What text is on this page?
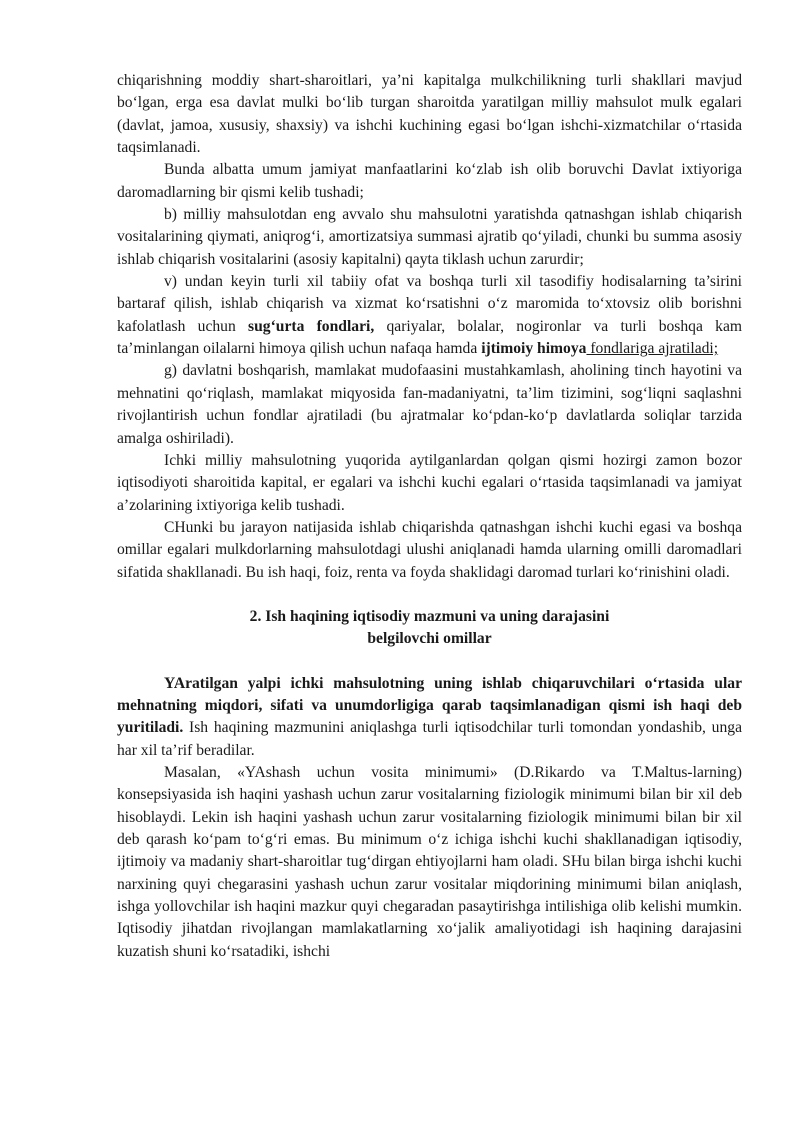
chiqarishning moddiy shart-sharoitlari, ya’ni kapitalga mulkchilikning turli shakllari mavjud bo‘lgan, erga esa davlat mulki bo‘lib turgan sharoitda yaratilgan milliy mahsulot mulk egalari (davlat, jamoa, xususiy, shaxsiy) va ishchi kuchining egasi bo‘lgan ishchi-xizmatchilar o‘rtasida taqsimlanadi.

Bunda albatta umum jamiyat manfaatlarini ko‘zlab ish olib boruvchi Davlat ixtiyoriga daromadlarning bir qismi kelib tushadi;

b) milliy mahsulotdan eng avvalo shu mahsulotni yaratishda qatnashgan ishlab chiqarish vositalarining qiymati, aniqrog‘i, amortizatsiya summasi ajratib qo‘yiladi, chunki bu summa asosiy ishlab chiqarish vositalarini (asosiy kapitalni) qayta tiklash uchun zarurdir;

v) undan keyin turli xil tabiiy ofat va boshqa turli xil tasodifiy hodisalarning ta’sirini bartaraf qilish, ishlab chiqarish va xizmat ko‘rsatishni o‘z maromida to‘xtovsiz olib borishni kafolatlash uchun sug‘urta fondlari, qariyalar, bolalar, nogironlar va turli boshqa kam ta’minlangan oilalarni himoya qilish uchun nafaqa hamda ijtimoiy himoya fondlariga ajratiladi;

g) davlatni boshqarish, mamlakat mudofaasini mustahkamlash, aholining tinch hayotini va mehnatini qo‘riqlash, mamlakat miqyosida fan-madaniyatni, ta’lim tizimini, sog‘liqni saqlashni rivojlantirish uchun fondlar ajratiladi (bu ajratmalar ko‘pdan-ko‘p davlatlarda soliqlar tarzida amalga oshiriladi).

Ichki milliy mahsulotning yuqorida aytilganlardan qolgan qismi hozirgi zamon bozor iqtisodiyoti sharoitida kapital, er egalari va ishchi kuchi egalari o‘rtasida taqsimlanadi va jamiyat a’zolarining ixtiyoriga kelib tushadi.

CHunki bu jarayon natijasida ishlab chiqarishda qatnashgan ishchi kuchi egasi va boshqa omillar egalari mulkdorlarning mahsulotdagi ulushi aniqlanadi hamda ularning omilli daromadlari sifatida shakllanadi. Bu ish haqi, foiz, renta va foyda shaklidagi daromad turlari ko‘rinishini oladi.

2. Ish haqining iqtisodiy mazmuni va uning darajasini
belgilovchi omillar

YAratilgan yalpi ichki mahsulotning uning ishlab chiqaruvchilari o‘rtasida ular mehnatning miqdori, sifati va unumdorligiga qarab taqsimlanadigan qismi ish haqi deb yuritiladi. Ish haqining mazmunini aniqlashga turli iqtisodchilar turli tomondan yondashib, unga har xil ta’rif beradilar.

Masalan, «YAshash uchun vosita minimumi» (D.Rikardo va T.Maltus-larning) konsepsiyasida ish haqini yashash uchun zarur vositalarning fiziologik minimumi bilan bir xil deb hisoblaydi. Lekin ish haqini yashash uchun zarur vositalarning fiziologik minimumi bilan bir xil deb qarash ko‘pam to‘g‘ri emas. Bu minimum o‘z ichiga ishchi kuchi shakllanadigan iqtisodiy, ijtimoiy va madaniy shart-sharoitlar tug‘dirgan ehtiyojlarni ham oladi. SHu bilan birga ishchi kuchi narxining quyi chegarasini yashash uchun zarur vositalar miqdorining minimumi bilan aniqlash, ishga yollovchilar ish haqini mazkur quyi chegaradan pasaytirishga intilishiga olib kelishi mumkin. Iqtisodiy jihatdan rivojlangan mamlakatlarning xo‘jalik amaliyotidagi ish haqining darajasini kuzatish shuni ko‘rsatadiki, ishchi
